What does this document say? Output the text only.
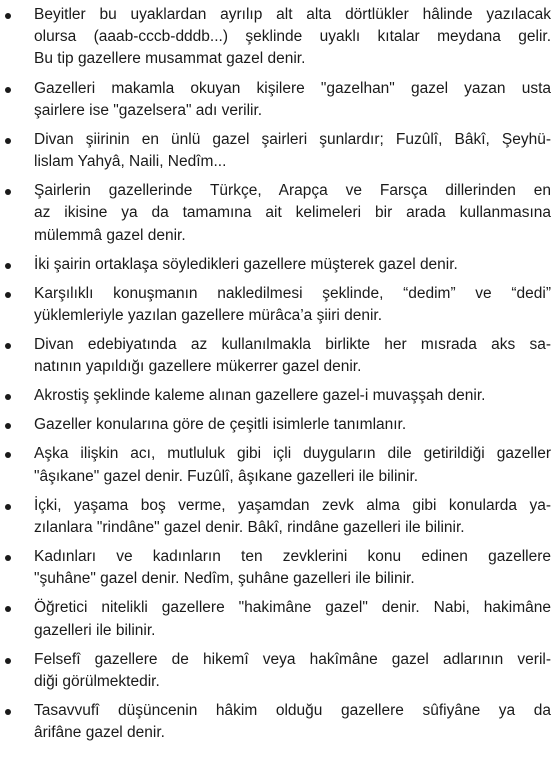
Beyitler bu uyaklardan ayrılıp alt alta dörtlükler hâlinde yazılacak
olursa (aaab-cccb-dddb...) şeklinde uyaklı kıtalar meydana gelir.
Bu tip gazellere musammat gazel denir.
Gazelleri makamla okuyan kişilere "gazelhan" gazel yazan usta
şairlere ise "gazelsera" adı verilir.
Divan şiirinin en ünlü gazel şairleri şunlardır; Fuzûlî, Bâkî, Şeyhü-
lislam Yahyâ, Naili, Nedîm...
Şairlerin gazellerinde Türkçe, Arapça ve Farsça dillerinden en
az ikisine ya da tamamına ait kelimeleri bir arada kullanmasına
mülemmâ gazel denir.
İki şairin ortaklaşa söyledikleri gazellere müşterek gazel denir.
Karşılıklı konuşmanın nakledilmesi şeklinde, “dedim” ve “dedi”
yüklemleriyle yazılan gazellere mürâca’a şiiri denir.
Divan edebiyatında az kullanılmakla birlikte her mısrada aks sa-
natının yapıldığı gazellere mükerrer gazel denir.
Akrostiş şeklinde kaleme alınan gazellere gazel-i muvaşşah denir.
Gazeller konularına göre de çeşitli isimlerle tanımlanır.
Aşka ilişkin acı, mutluluk gibi içli duyguların dile getirildiği gazeller
"âşıkane" gazel denir. Fuzûlî, âşıkane gazelleri ile bilinir.
İçki, yaşama boş verme, yaşamdan zevk alma gibi konularda ya-
zılanlara "rindâne" gazel denir. Bâkî, rindâne gazelleri ile bilinir.
Kadınları ve kadınların ten zevklerini konu edinen gazellere
"şuhâne" gazel denir. Nedîm, şuhâne gazelleri ile bilinir.
Öğretici nitelikli gazellere "hakimâne gazel" denir. Nabi, hakimâne
gazelleri ile bilinir.
Felsefî gazellere de hikemî veya hakîmâne gazel adlarının veril-
diği görülmektedir.
Tasavvufî düşüncenin hâkim olduğu gazellere sûfiyâne ya da
ârifâne gazel denir.
